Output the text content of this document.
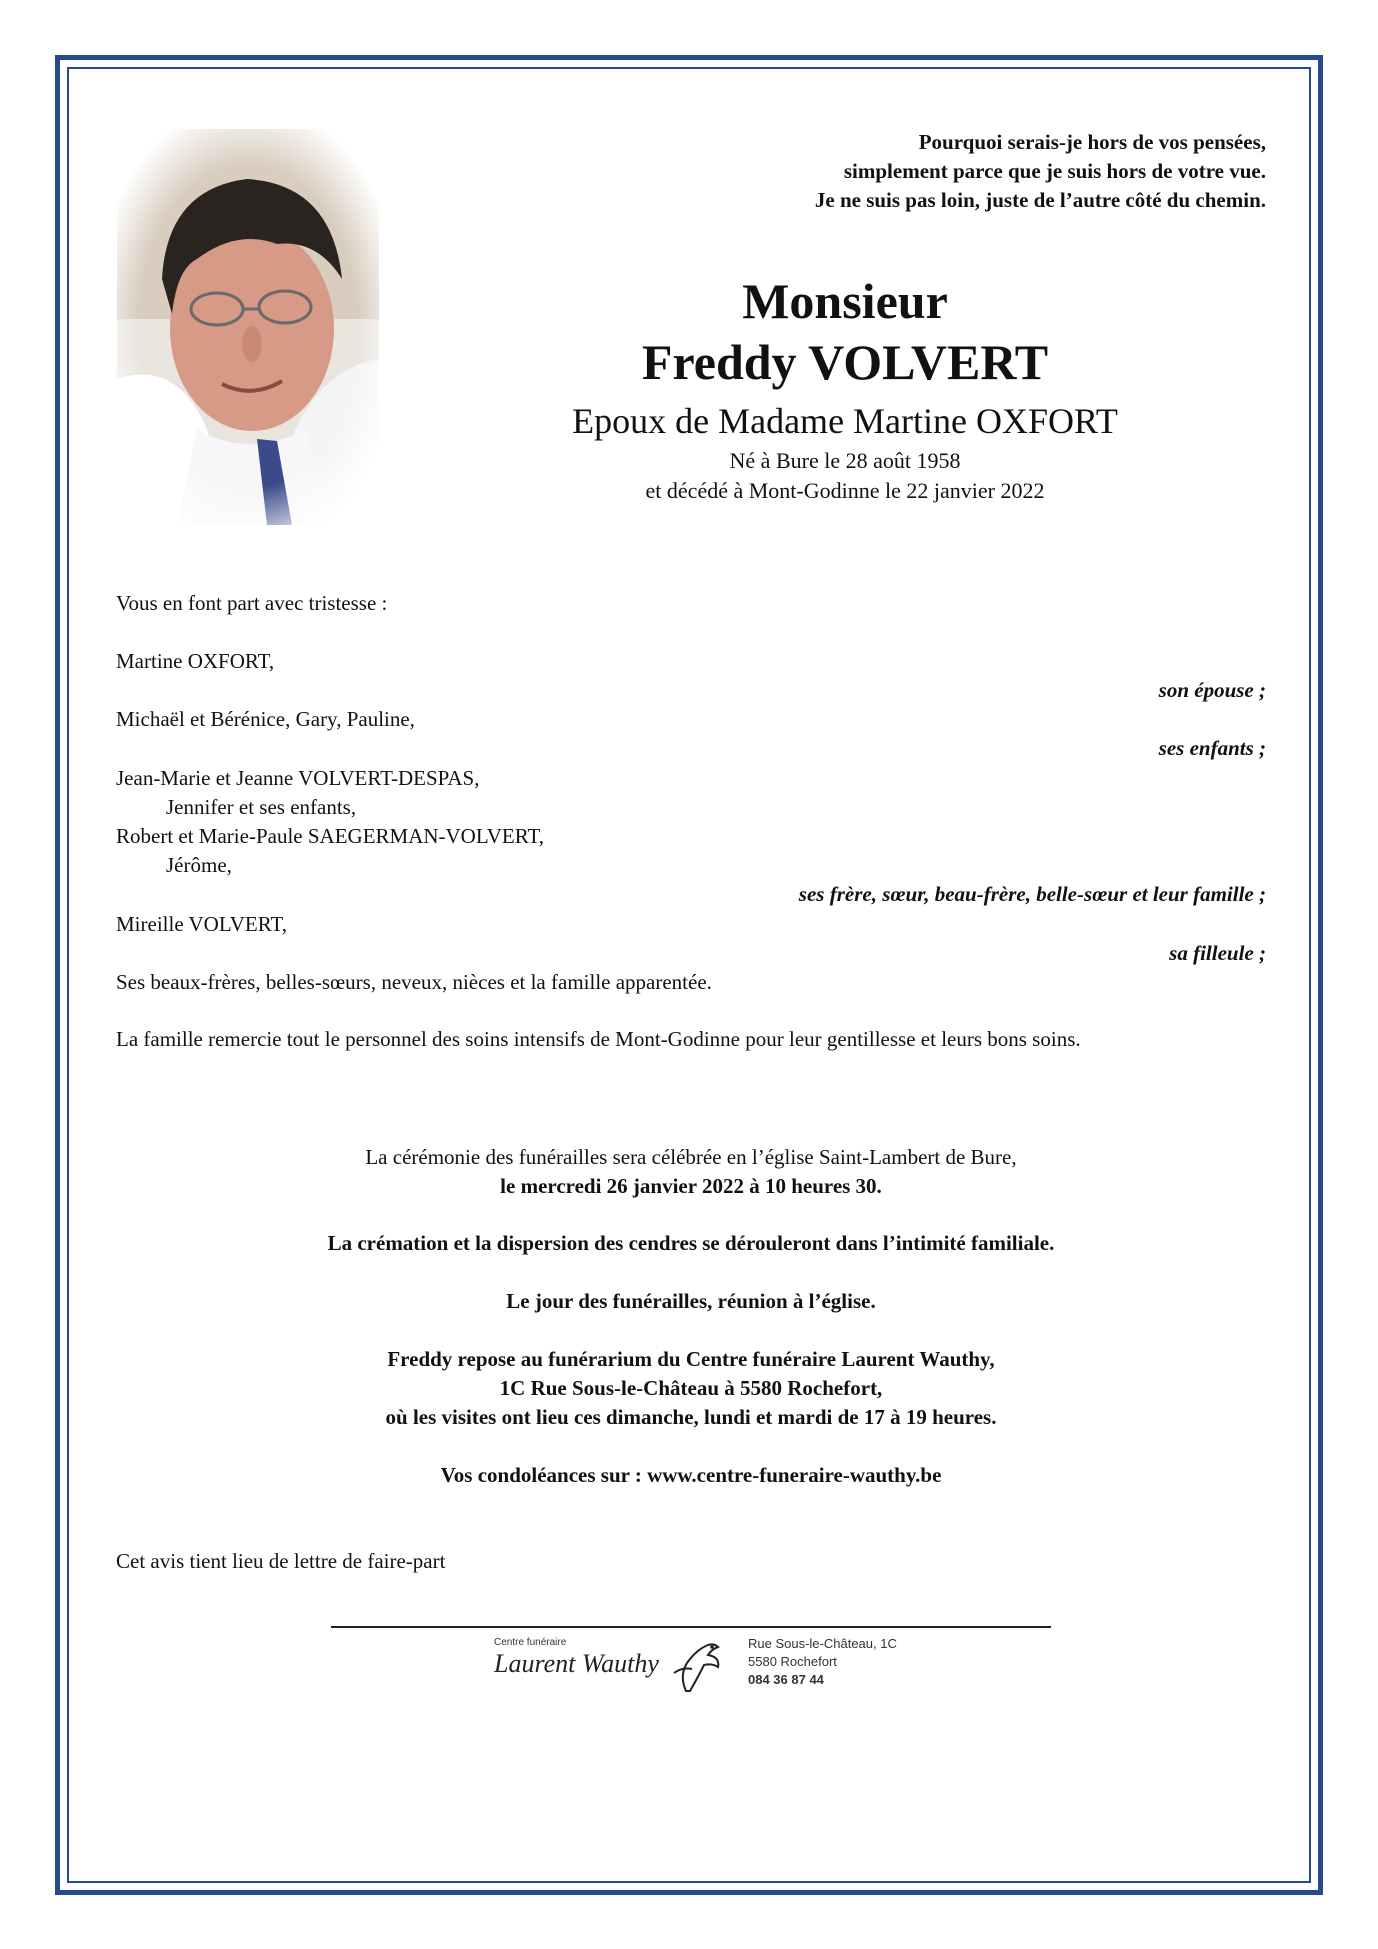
Pourquoi serais-je hors de vos pensées,
simplement parce que je suis hors de votre vue.
Je ne suis pas loin, juste de l’autre côté du chemin.
Monsieur
Freddy VOLVERT
Epoux de Madame Martine OXFORT
Né à Bure le 28 août 1958
et décédé à Mont-Godinne le 22 janvier 2022
Vous en font part avec tristesse :
Martine OXFORT,
son épouse ;
Michaël et Bérénice, Gary, Pauline,
ses enfants ;
Jean-Marie et Jeanne VOLVERT-DESPAS,
Jennifer et ses enfants,
Robert et Marie-Paule SAEGERMAN-VOLVERT,
Jérôme,
ses frère, sœur, beau-frère, belle-sœur et leur famille ;
Mireille VOLVERT,
sa filleule ;
Ses beaux-frères, belles-sœurs, neveux, nièces et la famille apparentée.
La famille remercie tout le personnel des soins intensifs de Mont-Godinne pour leur gentillesse et leurs bons soins.
La cérémonie des funérailles sera célébrée en l’église Saint-Lambert de Bure,
le mercredi 26 janvier 2022 à 10 heures 30.
La crémation et la dispersion des cendres se dérouleront dans l’intimité familiale.
Le jour des funérailles, réunion à l’église.
Freddy repose au funérarium du Centre funéraire Laurent Wauthy,
1C Rue Sous-le-Château à 5580 Rochefort,
où les visites ont lieu ces dimanche, lundi et mardi de 17 à 19 heures.
Vos condoléances sur : www.centre-funeraire-wauthy.be
Cet avis tient lieu de lettre de faire-part
Centre funéraire
Laurent Wauthy
Rue Sous-le-Château, 1C
5580 Rochefort
084 36 87 44
